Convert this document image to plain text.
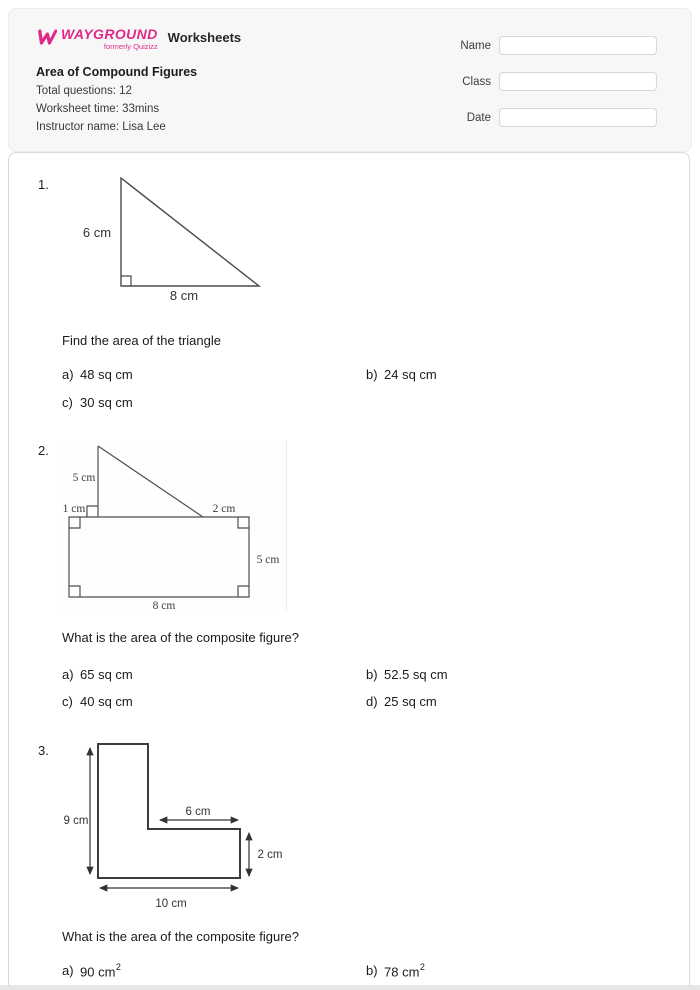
WAYGROUND
formerly Quizizz
Worksheets
Area of Compound Figures
Total questions: 12
Worksheet time: 33mins
Instructor name: Lisa Lee
Name
Class
Date
1.
6 cm
8 cm
Find the area of the triangle
a) 48 sq cm	b) 24 sq cm
c) 30 sq cm
2.
5 cm
1 cm	2 cm
5 cm
8 cm
What is the area of the composite figure?
a) 65 sq cm	b) 52.5 sq cm
c) 40 sq cm	d) 25 sq cm
3.
9 cm
6 cm
2 cm
10 cm
What is the area of the composite figure?
a) 90 $cm^2$	b) 78 $cm^2$
